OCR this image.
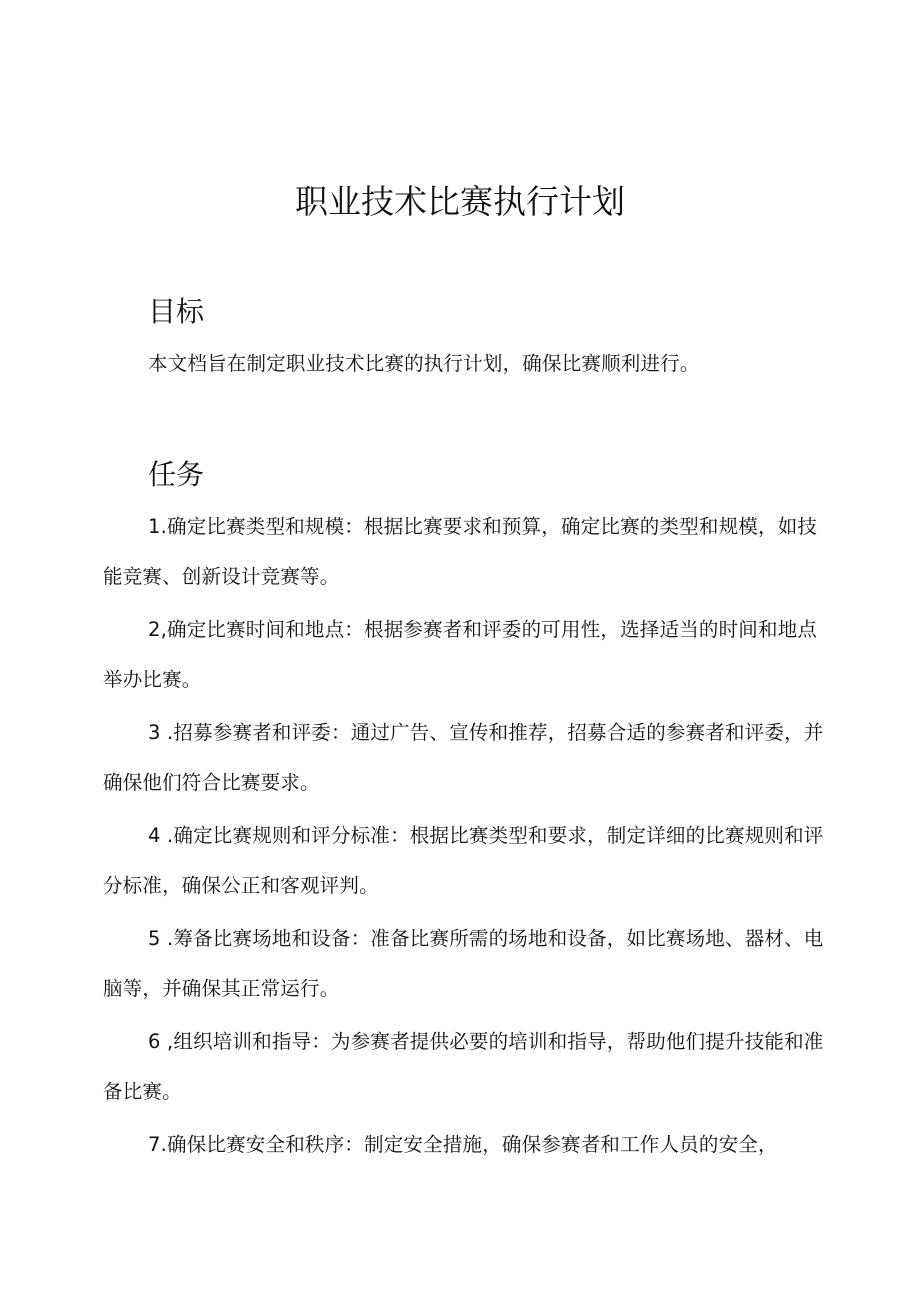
职业技术比赛执行计划
目标

本文档旨在制定职业技术比赛的执行计划，确保比赛顺利进行。

任务
1.确定比赛类型和规模：根据比赛要求和预算，确定比赛的类型和规模，如技能竞赛、创新设计竞赛等。
2,确定比赛时间和地点：根据参赛者和评委的可用性，选择适当的时间和地点举办比赛。
3 .招募参赛者和评委：通过广告、宣传和推荐，招募合适的参赛者和评委，并确保他们符合比赛要求。
4 .确定比赛规则和评分标准：根据比赛类型和要求，制定详细的比赛规则和评分标准，确保公正和客观评判。
5 .筹备比赛场地和设备：准备比赛所需的场地和设备，如比赛场地、器材、电脑等，并确保其正常运行。
6 ,组织培训和指导：为参赛者提供必要的培训和指导，帮助他们提升技能和准备比赛。
7.确保比赛安全和秩序：制定安全措施，确保参赛者和工作人员的安全，
